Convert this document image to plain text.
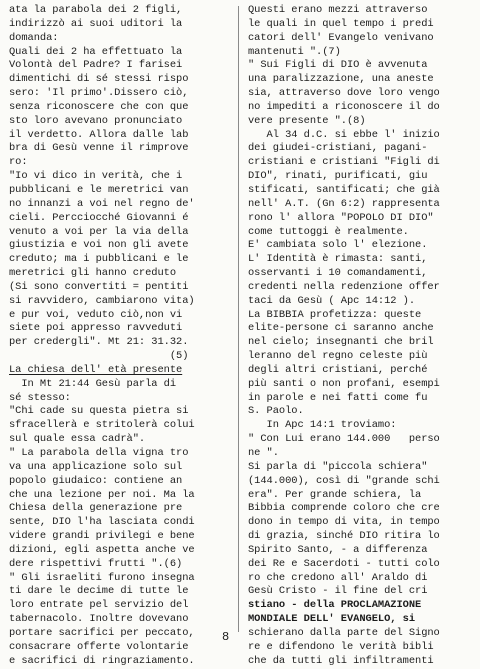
ata la parabola dei 2 figli,

indirizzò ai suoi uditori la

domanda:

Quali dei 2 ha effettuato la

Volontà del Padre? I farisei

dimentichi di sé stessi rispo

sero: 'Il primo'.Dissero ciò,

senza riconoscere che con que

sto loro avevano pronunciato

il verdetto. Allora dalle lab

bra di Gesù venne il rimprove

ro:

"Io vi dico in verità, che i

pubblicani e le meretrici van

no innanzi a voi nel regno de'

cieli. Percciocché Giovanni é

venuto a voi per la via della

giustizia e voi non gli avete

creduto; ma i pubblicani e le

meretrici gli hanno creduto

(Si sono convertiti = pentiti

si ravvidero, cambiarono vita)

e pur voi, veduto ciò,non vi

siete poi appresso ravveduti

per credergli". Mt 21: 31.32.

(5)

La chiesa dell' età presente

In Mt 21:44 Gesù parla di

sé stesso:

"Chi cade su questa pietra si

sfracellerà e stritolerà colui

sul quale essa cadrà".

" La parabola della vigna tro

va una applicazione solo sul

popolo giudaico: contiene an

che una lezione per noi. Ma la

Chiesa della generazione pre

sente, DIO l'ha lasciata condi

videre grandi privilegi e bene

dizioni, egli aspetta anche ve

dere rispettivi frutti ".(6)

" Gli israeliti furono insegna

ti dare le decime di tutte le

loro entrate pel servizio del

tabernacolo. Inoltre dovevano

portare sacrifici per peccato,

consacrare offerte volontarie

e sacrifici di ringraziamento.

Questi erano mezzi attraverso

le quali in quel tempo i predi

catori dell' Evangelo venivano

mantenuti ".(7)

" Sui Figli di DIO è avvenuta

una paralizzazione, una aneste

sia, attraverso dove loro vengo

no impediti a riconoscere il do

vere presente ".(8)

Al 34 d.C. si ebbe l' inizio

dei giudei-cristiani, pagani-

cristiani e cristiani "Figli di

DIO", rinati, purificati, giu

stificati, santificati; che già

nell' A.T. (Gn 6:2) rappresenta

rono l' allora "POPOLO DI DIO"

come tuttoggi è realmente.

E' cambiata solo l' elezione.

L' Identità è rimasta: santi,

osservanti i 10 comandamenti,

credenti nella redenzione offer

taci da Gesù ( Apc 14:12 ).

La BIBBIA profetizza: queste

elite-persone ci saranno anche

nel cielo; insegnanti che bril

leranno del regno celeste più

degli altri cristiani, perché

più santi o non profani, esempi

in parole e nei fatti come fu

S. Paolo.

In Apc 14:1 troviamo:

" Con Lui erano 144.000   perso

ne ".

Si parla di "piccola schiera"

(144.000), così di "grande schi

era". Per grande schiera, la

Bibbia comprende coloro che cre

dono in tempo di vita, in tempo

di grazia, sinché DIO ritira lo

Spirito Santo, - a differenza

dei Re e Sacerdoti - tutti colo

ro che credono all' Araldo di

Gesù Cristo - il fine del cri

stiano - della PROCLAMAZIONE

MONDIALE DELL' EVANGELO, si

schierano dalla parte del Signo

re e difendono le verità bibli

che da tutti gli infiltramenti

8
